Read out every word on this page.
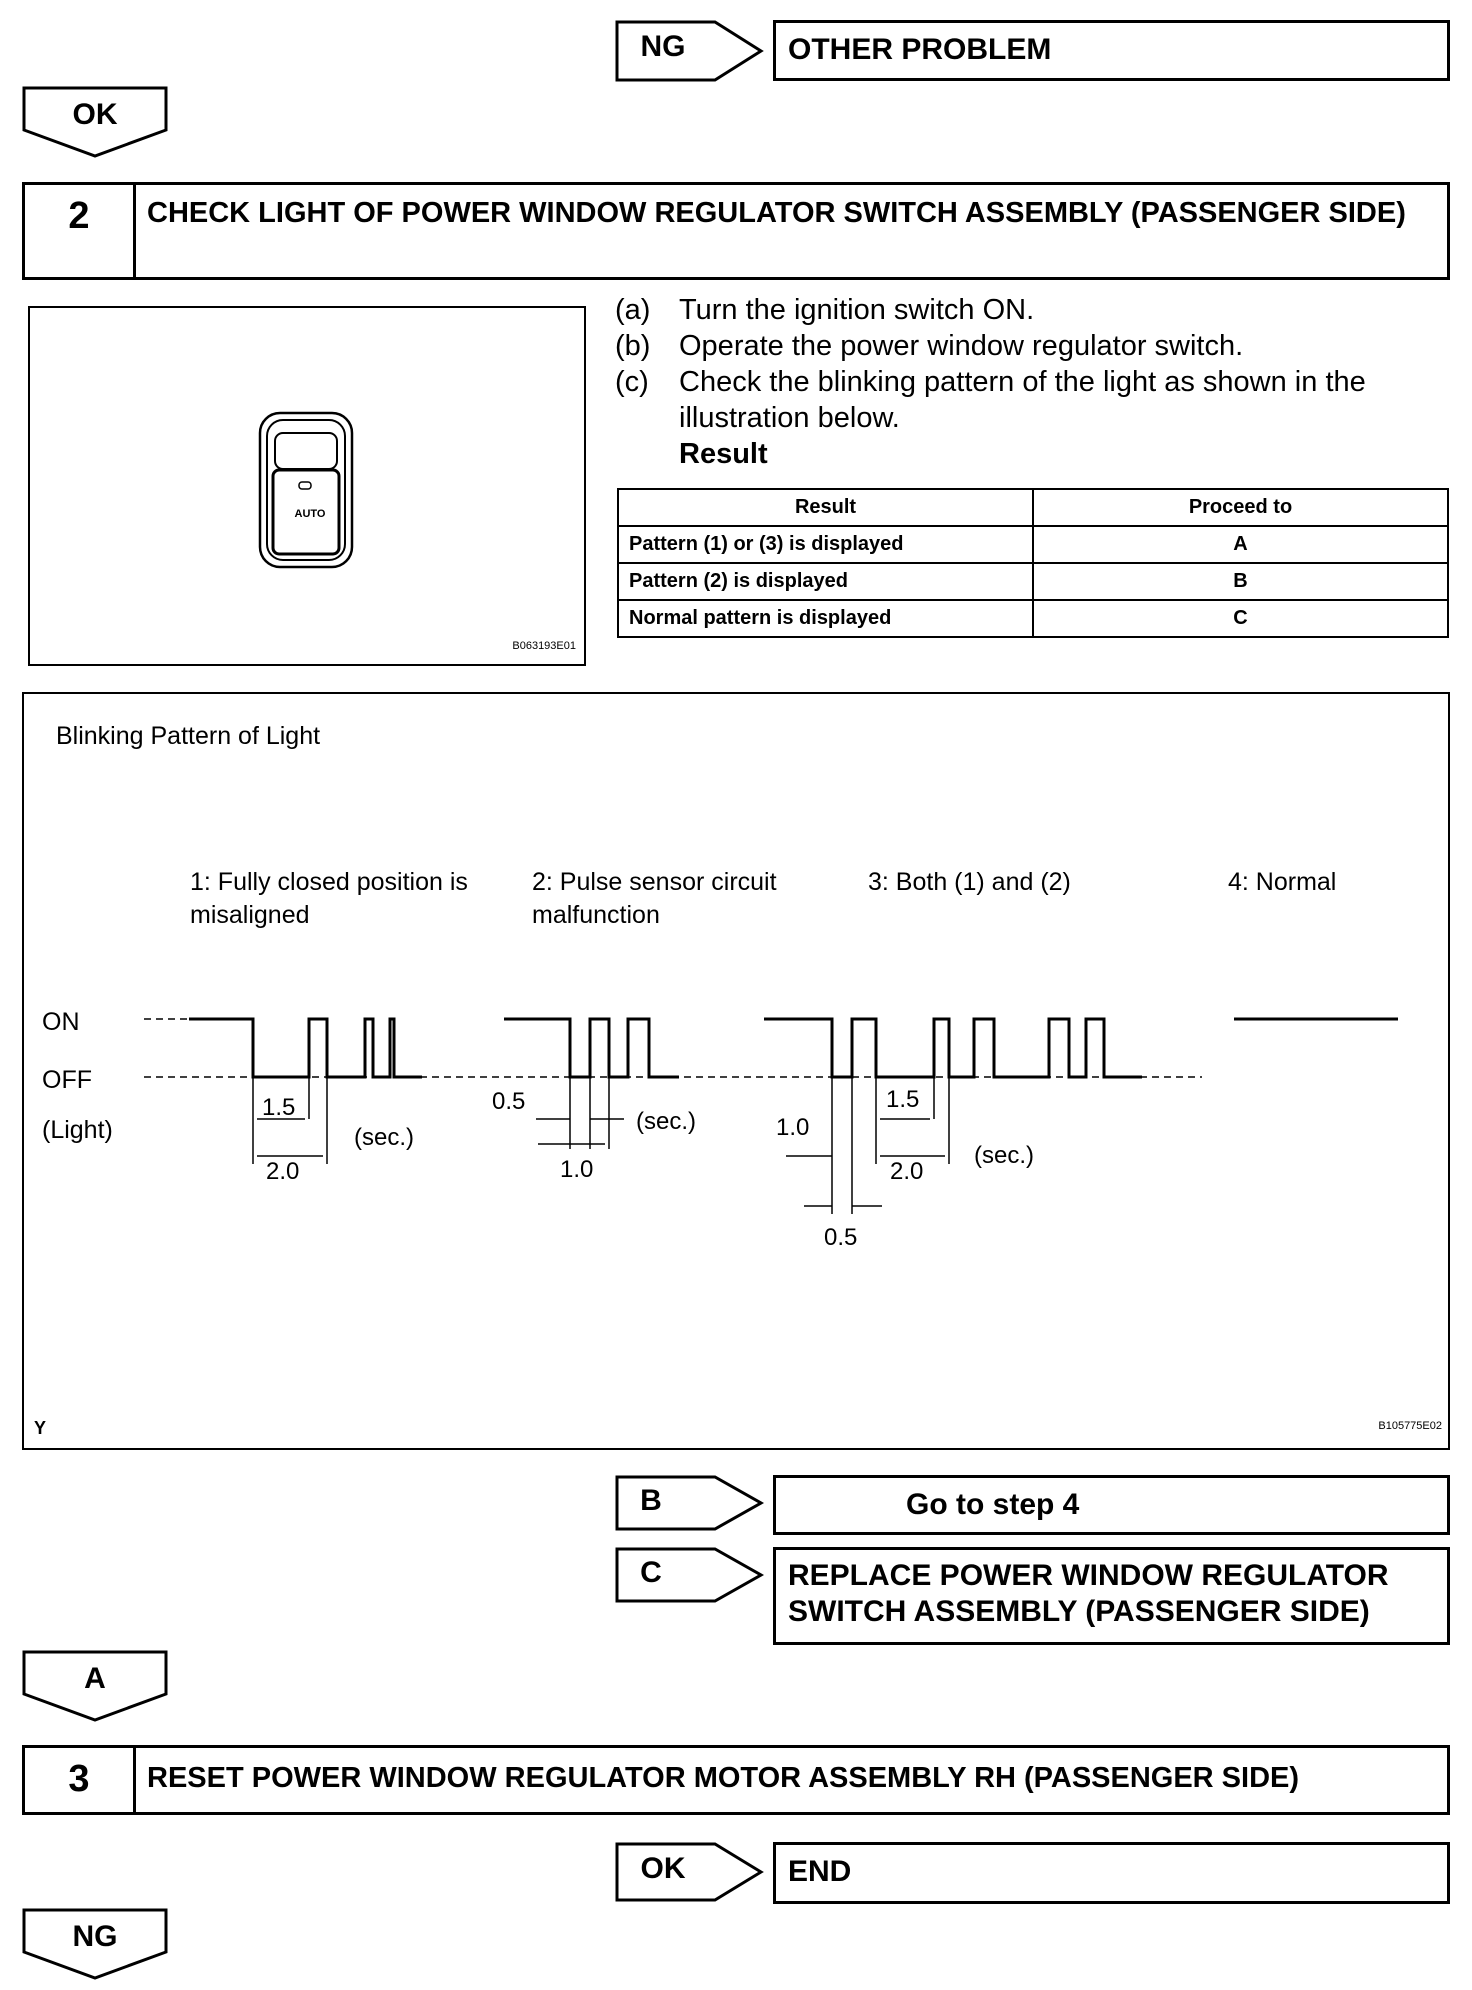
NG	OTHER PROBLEM
OK
2	CHECK LIGHT OF POWER WINDOW REGULATOR SWITCH ASSEMBLY (PASSENGER SIDE)
AUTO
B063193E01
(a) Turn the ignition switch ON.
(b) Operate the power window regulator switch.
(c)	Check the blinking pattern of the light as shown in the illustration below.
Result
Result	Proceed to
Pattern (1) or (3) is displayed	A
Pattern (2) is displayed	B
Normal pattern is displayed	C
Blinking Pattern of Light
1: Fully closed position is
misaligned
2: Pulse sensor circuit
malfunction
3: Both (1) and (2)	4: Normal
ON
OFF
(Light)
1.5
2.0
(sec.)
0.5
1.0
(sec.)	1.0
1.5
2.0
(sec.)
0.5
Y	B105775E02
B	Go to step 4
C	REPLACE POWER WINDOW REGULATOR
SWITCH ASSEMBLY (PASSENGER SIDE)
A
3	RESET POWER WINDOW REGULATOR MOTOR ASSEMBLY RH (PASSENGER SIDE)
OK	END
NG
